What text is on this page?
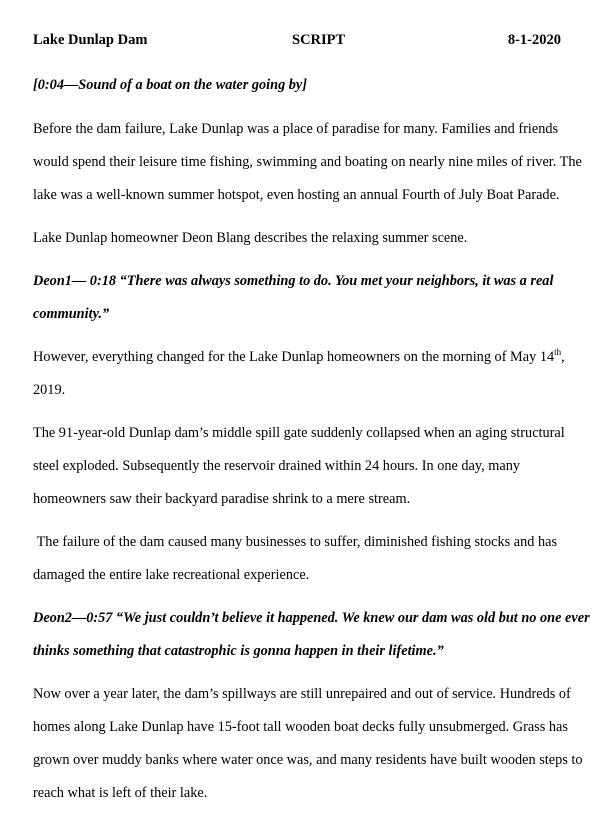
Lake Dunlap Dam	SCRIPT	8-1-2020

[0:04—Sound of a boat on the water going by]

Before the dam failure, Lake Dunlap was a place of paradise for many. Families and friends would spend their leisure time fishing, swimming and boating on nearly nine miles of river. The lake was a well-known summer hotspot, even hosting an annual Fourth of July Boat Parade.

Lake Dunlap homeowner Deon Blang describes the relaxing summer scene.

Deon1— 0:18 “There was always something to do. You met your neighbors, it was a real community.”

However, everything changed for the Lake Dunlap homeowners on the morning of May 14th, 2019.

The 91-year-old Dunlap dam’s middle spill gate suddenly collapsed when an aging structural steel exploded. Subsequently the reservoir drained within 24 hours. In one day, many homeowners saw their backyard paradise shrink to a mere stream.

The failure of the dam caused many businesses to suffer, diminished fishing stocks and has damaged the entire lake recreational experience.

Deon2—0:57 “We just couldn’t believe it happened. We knew our dam was old but no one ever thinks something that catastrophic is gonna happen in their lifetime.”

Now over a year later, the dam’s spillways are still unrepaired and out of service. Hundreds of homes along Lake Dunlap have 15-foot tall wooden boat decks fully unsubmerged. Grass has grown over muddy banks where water once was, and many residents have built wooden steps to reach what is left of their lake.
